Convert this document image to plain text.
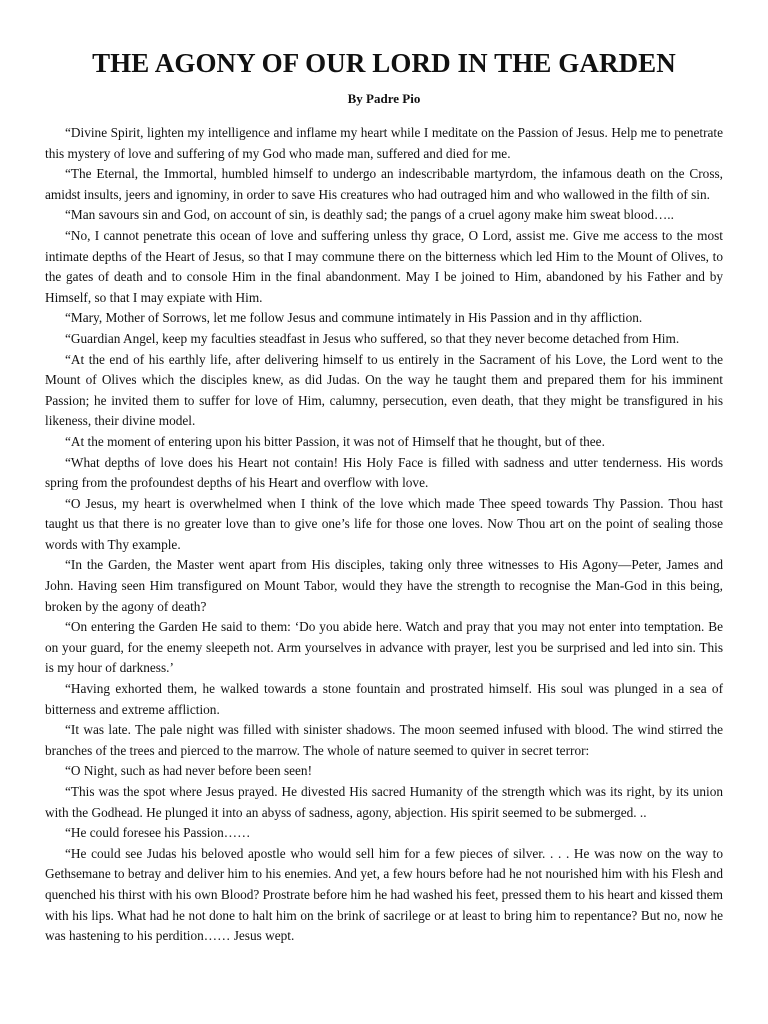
THE AGONY OF OUR LORD IN THE GARDEN
By Padre Pio

“Divine Spirit, lighten my intelligence and inflame my heart while I meditate on the Passion of Jesus. Help me to penetrate this mystery of love and suffering of my God who made man, suffered and died for me.

“The Eternal, the Immortal, humbled himself to undergo an indescribable martyrdom, the infamous death on the Cross, amidst insults, jeers and ignominy, in order to save His creatures who had outraged him and who wallowed in the filth of sin.

“Man savours sin and God, on account of sin, is deathly sad; the pangs of a cruel agony make him sweat blood…..

“No, I cannot penetrate this ocean of love and suffering unless thy grace, O Lord, assist me. Give me access to the most intimate depths of the Heart of Jesus, so that I may commune there on the bitterness which led Him to the Mount of Olives, to the gates of death and to console Him in the final abandonment. May I be joined to Him, abandoned by his Father and by Himself, so that I may expiate with Him.

“Mary, Mother of Sorrows, let me follow Jesus and commune intimately in His Passion and in thy affliction.

“Guardian Angel, keep my faculties steadfast in Jesus who suffered, so that they never become detached from Him.

“At the end of his earthly life, after delivering himself to us entirely in the Sacrament of his Love, the Lord went to the Mount of Olives which the disciples knew, as did Judas. On the way he taught them and prepared them for his imminent Passion; he invited them to suffer for love of Him, calumny, persecution, even death, that they might be transfigured in his likeness, their divine model.

“At the moment of entering upon his bitter Passion, it was not of Himself that he thought, but of thee.

“What depths of love does his Heart not contain! His Holy Face is filled with sadness and utter tenderness. His words spring from the profoundest depths of his Heart and overflow with love.

“O Jesus, my heart is overwhelmed when I think of the love which made Thee speed towards Thy Passion. Thou hast taught us that there is no greater love than to give one’s life for those one loves. Now Thou art on the point of sealing those words with Thy example.

“In the Garden, the Master went apart from His disciples, taking only three witnesses to His Agony—Peter, James and John. Having seen Him transfigured on Mount Tabor, would they have the strength to recognise the Man-God in this being, broken by the agony of death?

“On entering the Garden He said to them: ‘Do you abide here. Watch and pray that you may not enter into temptation. Be on your guard, for the enemy sleepeth not. Arm yourselves in advance with prayer, lest you be surprised and led into sin. This is my hour of darkness.’

“Having exhorted them, he walked towards a stone fountain and prostrated himself. His soul was plunged in a sea of bitterness and extreme affliction.

“It was late. The pale night was filled with sinister shadows. The moon seemed infused with blood. The wind stirred the branches of the trees and pierced to the marrow. The whole of nature seemed to quiver in secret terror:

“O Night, such as had never before been seen!

“This was the spot where Jesus prayed. He divested His sacred Humanity of the strength which was its right, by its union with the Godhead. He plunged it into an abyss of sadness, agony, abjection. His spirit seemed to be submerged. ..

“He could foresee his Passion……

“He could see Judas his beloved apostle who would sell him for a few pieces of silver. . . . He was now on the way to Gethsemane to betray and deliver him to his enemies. And yet, a few hours before had he not nourished him with his Flesh and quenched his thirst with his own Blood? Prostrate before him he had washed his feet, pressed them to his heart and kissed them with his lips. What had he not done to halt him on the brink of sacrilege or at least to bring him to repentance? But no, now he was hastening to his perdition…… Jesus wept.
